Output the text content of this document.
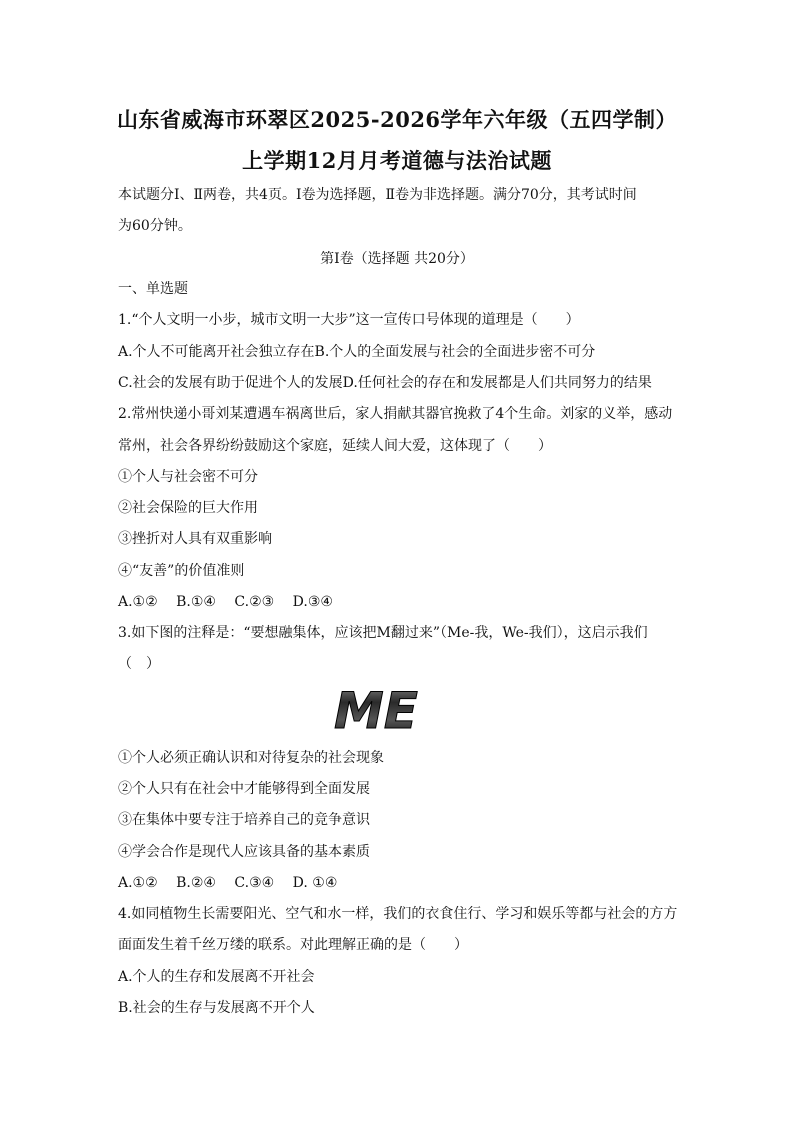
山东省威海市环翠区2025-2026学年六年级（五四学制）
上学期12月月考道德与法治试题
本试题分Ⅰ、Ⅱ两卷，共4页。Ⅰ卷为选择题，Ⅱ卷为非选择题。满分70分，其考试时间
为60分钟。
第Ⅰ卷（选择题 共20分）
一、单选题
1.“个人文明一小步，城市文明一大步”这一宣传口号体现的道理是（　　）
A.个人不可能离开社会独立存在B.个人的全面发展与社会的全面进步密不可分
C.社会的发展有助于促进个人的发展D.任何社会的存在和发展都是人们共同努力的结果
2.常州快递小哥刘某遭遇车祸离世后，家人捐献其器官挽救了4个生命。刘家的义举，感动
常州，社会各界纷纷鼓励这个家庭，延续人间大爱，这体现了（　　）
①个人与社会密不可分
②社会保险的巨大作用
③挫折对人具有双重影响
④“友善”的价值准则
A.①② B.①④ C.②③ D.③④
3.如下图的注释是：“要想融集体，应该把M翻过来”（Me-我，We-我们），这启示我们
（　）
ME
①个人必须正确认识和对待复杂的社会现象
②个人只有在社会中才能够得到全面发展
③在集体中要专注于培养自己的竞争意识
④学会合作是现代人应该具备的基本素质
A.①② B.②④ C.③④ D. ①④
4.如同植物生长需要阳光、空气和水一样，我们的衣食住行、学习和娱乐等都与社会的方方
面面发生着千丝万缕的联系。对此理解正确的是（　　）
A.个人的生存和发展离不开社会
B.社会的生存与发展离不开个人
